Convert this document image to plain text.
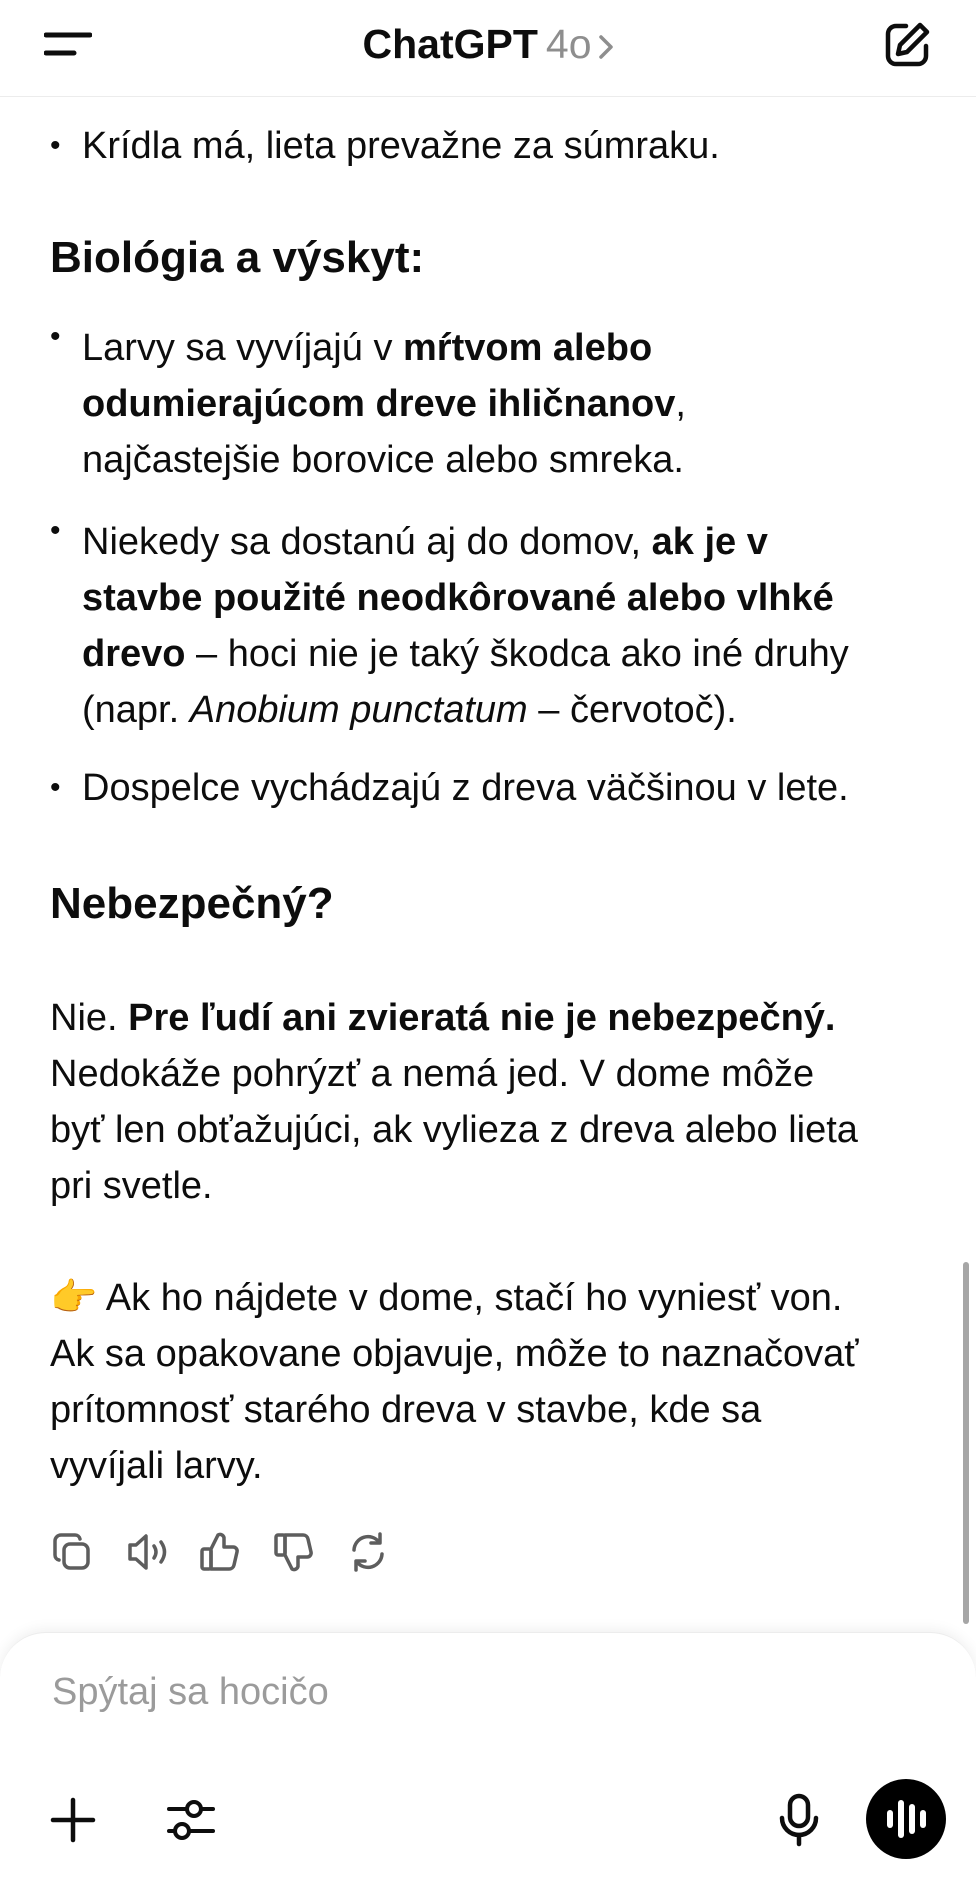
ChatGPT 4o
• Krídla má, lieta prevažne za súmraku.
Biológia a výskyt:
• Larvy sa vyvíjajú v mŕtvom alebo
odumierajúcom dreve ihličnanov,
najčastejšie borovice alebo smreka.
• Niekedy sa dostanú aj do domov, ak je v
stavbe použité neodkôrované alebo vlhké
drevo – hoci nie je taký škodca ako iné druhy
(napr. Anobium punctatum – červotoč).
• Dospelce vychádzajú z dreva väčšinou v lete.
Nebezpečný?
Nie. Pre ľudí ani zvieratá nie je nebezpečný.
Nedokáže pohrýzť a nemá jed. V dome môže
byť len obťažujúci, ak vylieza z dreva alebo lieta
pri svetle.
👉 Ak ho nájdete v dome, stačí ho vyniesť von.
Ak sa opakovane objavuje, môže to naznačovať
prítomnosť starého dreva v stavbe, kde sa
vyvíjali larvy.
Spýtaj sa hocičo
